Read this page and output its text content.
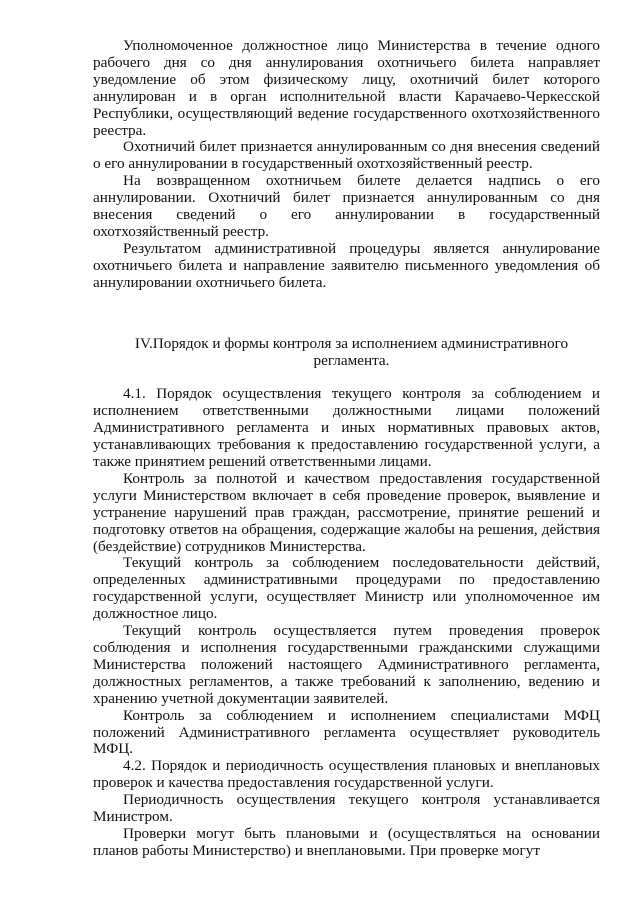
Уполномоченное должностное лицо Министерства в течение одного рабочего дня со дня аннулирования охотничьего билета направляет уведомление об этом физическому лицу, охотничий билет которого аннулирован и в орган исполнительной власти Карачаево-Черкесской Республики, осуществляющий ведение государственного охотхозяйственного реестра.

Охотничий билет признается аннулированным со дня внесения сведений о его аннулировании в государственный охотхозяйственный реестр.

На возвращенном охотничьем билете делается надпись о его аннулировании. Охотничий билет признается аннулированным со дня внесения сведений о его аннулировании в государственный охотхозяйственный реестр.

Результатом административной процедуры является аннулирование охотничьего билета и направление заявителю письменного уведомления об аннулировании охотничьего билета.

IV.Порядок и формы контроля за исполнением административного регламента.

4.1. Порядок осуществления текущего контроля за соблюдением и исполнением ответственными должностными лицами положений Административного регламента и иных нормативных правовых актов, устанавливающих требования к предоставлению государственной услуги, а также принятием решений ответственными лицами.

Контроль за полнотой и качеством предоставления государственной услуги Министерством включает в себя проведение проверок, выявление и устранение нарушений прав граждан, рассмотрение, принятие решений и подготовку ответов на обращения, содержащие жалобы на решения, действия (бездействие) сотрудников Министерства.

Текущий контроль за соблюдением последовательности действий, определенных административными процедурами по предоставлению государственной услуги, осуществляет Министр или уполномоченное им должностное лицо.

Текущий контроль осуществляется путем проведения проверок соблюдения и исполнения государственными гражданскими служащими Министерства положений настоящего Административного регламента, должностных регламентов, а также требований к заполнению, ведению и хранению учетной документации заявителей.

Контроль за соблюдением и исполнением специалистами МФЦ положений Административного регламента осуществляет руководитель МФЦ.

4.2. Порядок и периодичность осуществления плановых и внеплановых проверок и качества предоставления государственной услуги.

Периодичность осуществления текущего контроля устанавливается Министром.

Проверки могут быть плановыми и (осуществляться на основании планов работы Министерство) и внеплановыми. При проверке могут
